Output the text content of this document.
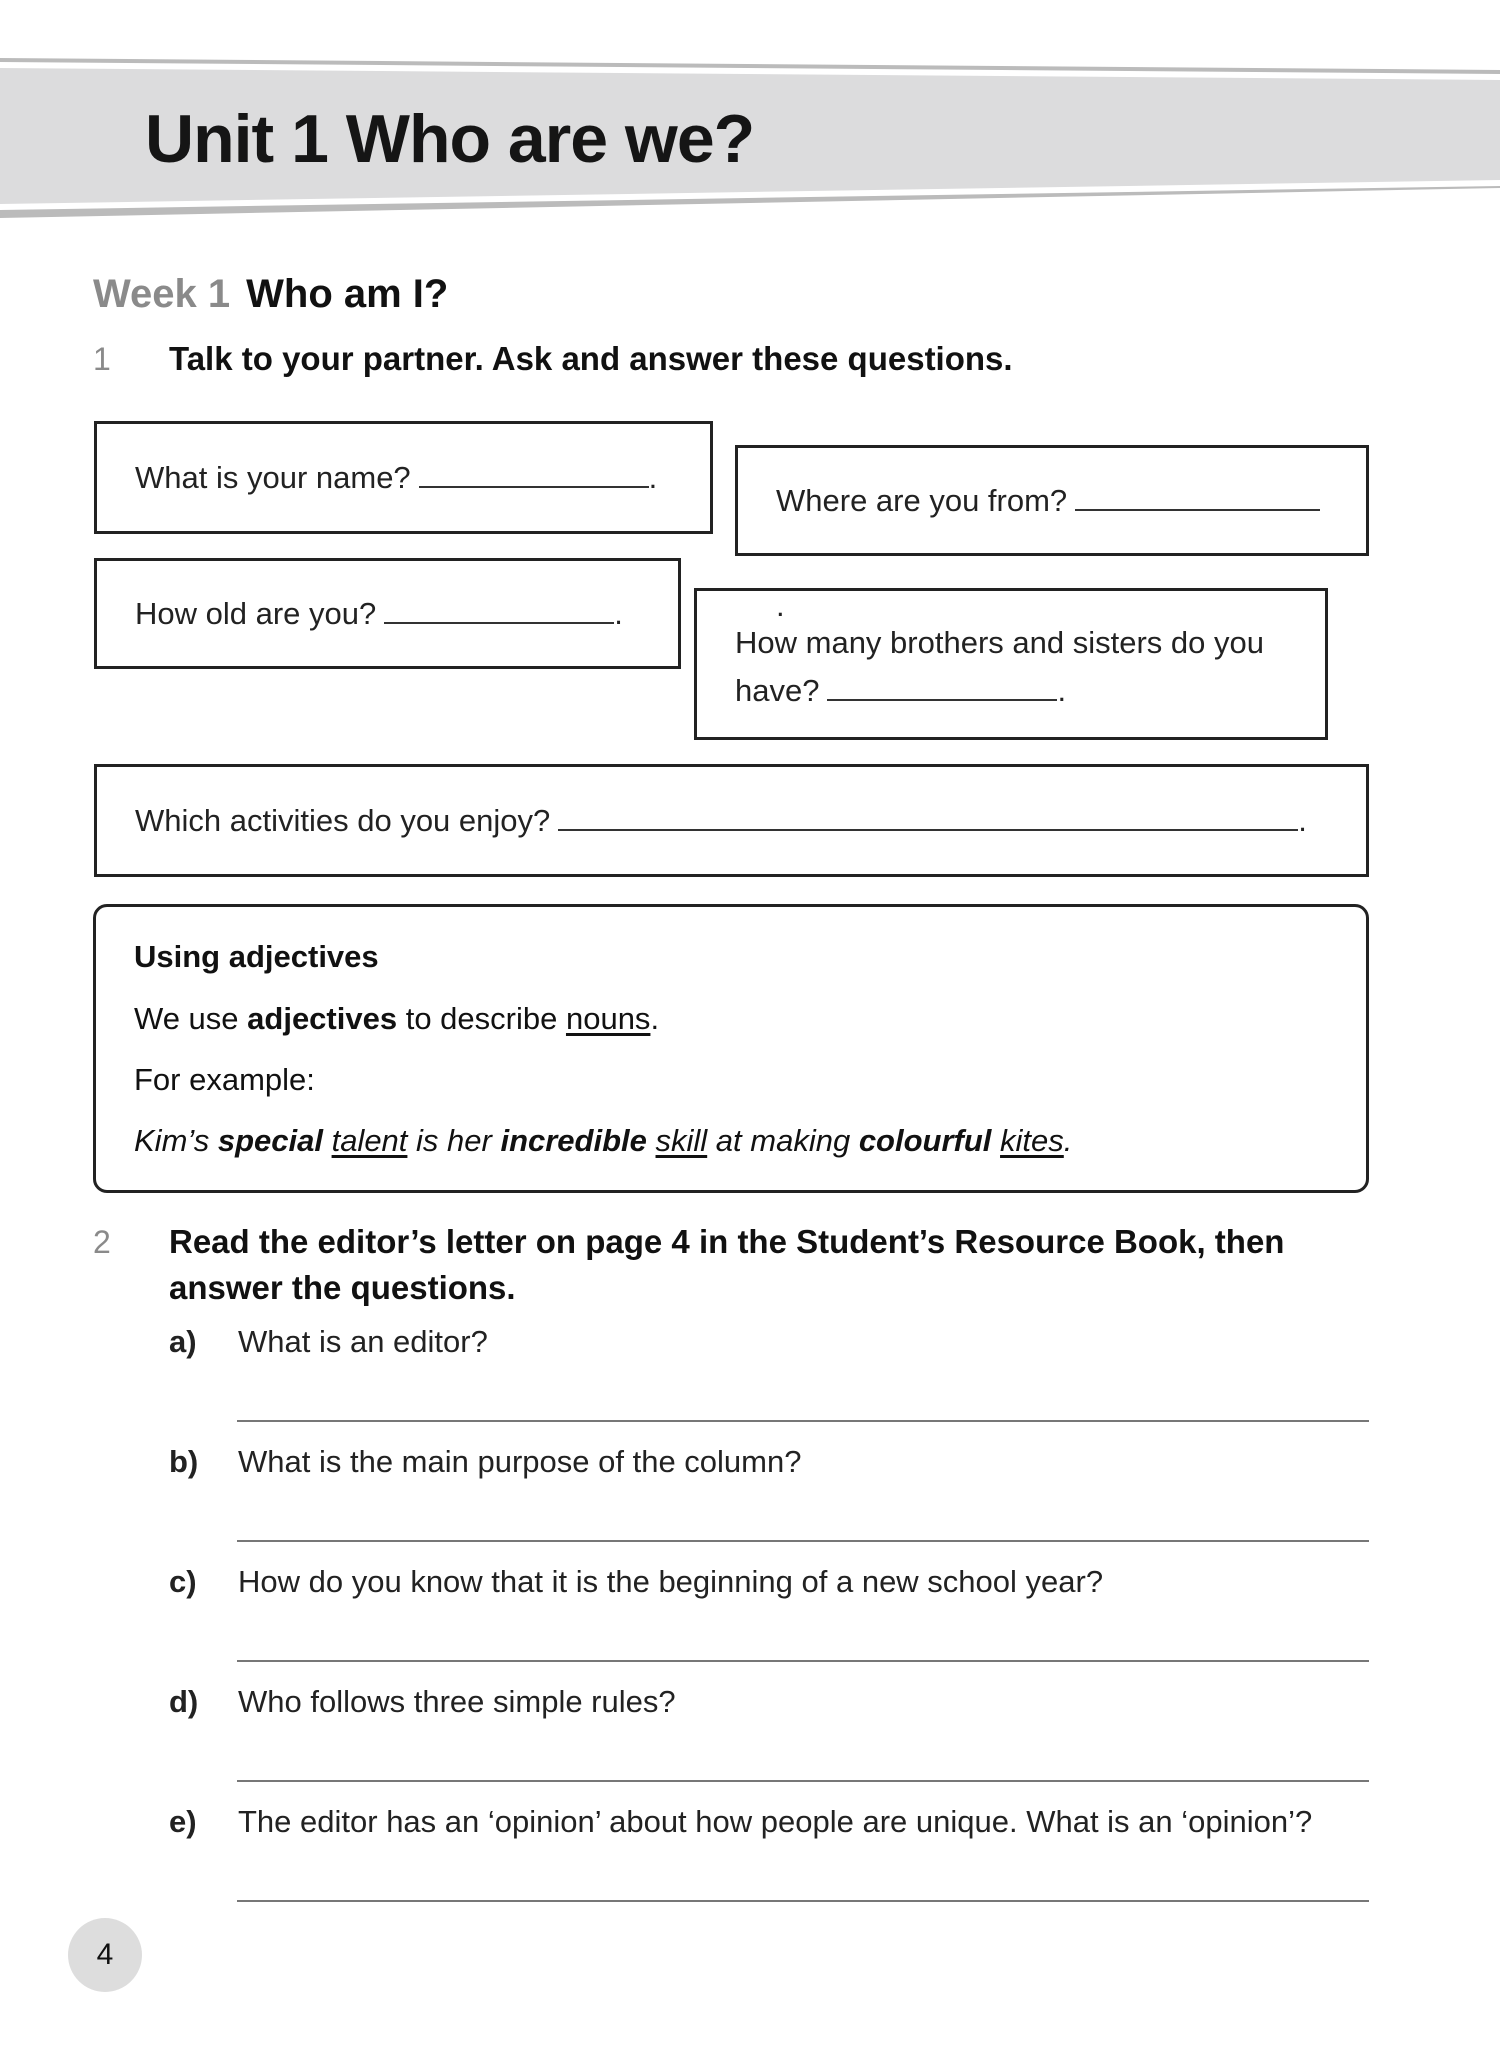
Unit 1 Who are we?
Week 1 Who am I?
1 Talk to your partner. Ask and answer these questions.
What is your name?	.
Where are you from?.
How old are you?	.
How many brothers and sisters do you
have?	.
Which activities do you enjoy?	.
Using adjectives
We use adjectives to describe nouns.
For example:
Kim’s special talent is her incredible skill at making colourful kites.
2 Read the editor’s letter on page 4 in the Student’s Resource Book, then
answer the questions.
a) What is an editor?
b) What is the main purpose of the column?
c) How do you know that it is the beginning of a new school year?
d) Who follows three simple rules?
e) The editor has an ‘opinion’ about how people are unique. What is an ‘opinion’?
4
